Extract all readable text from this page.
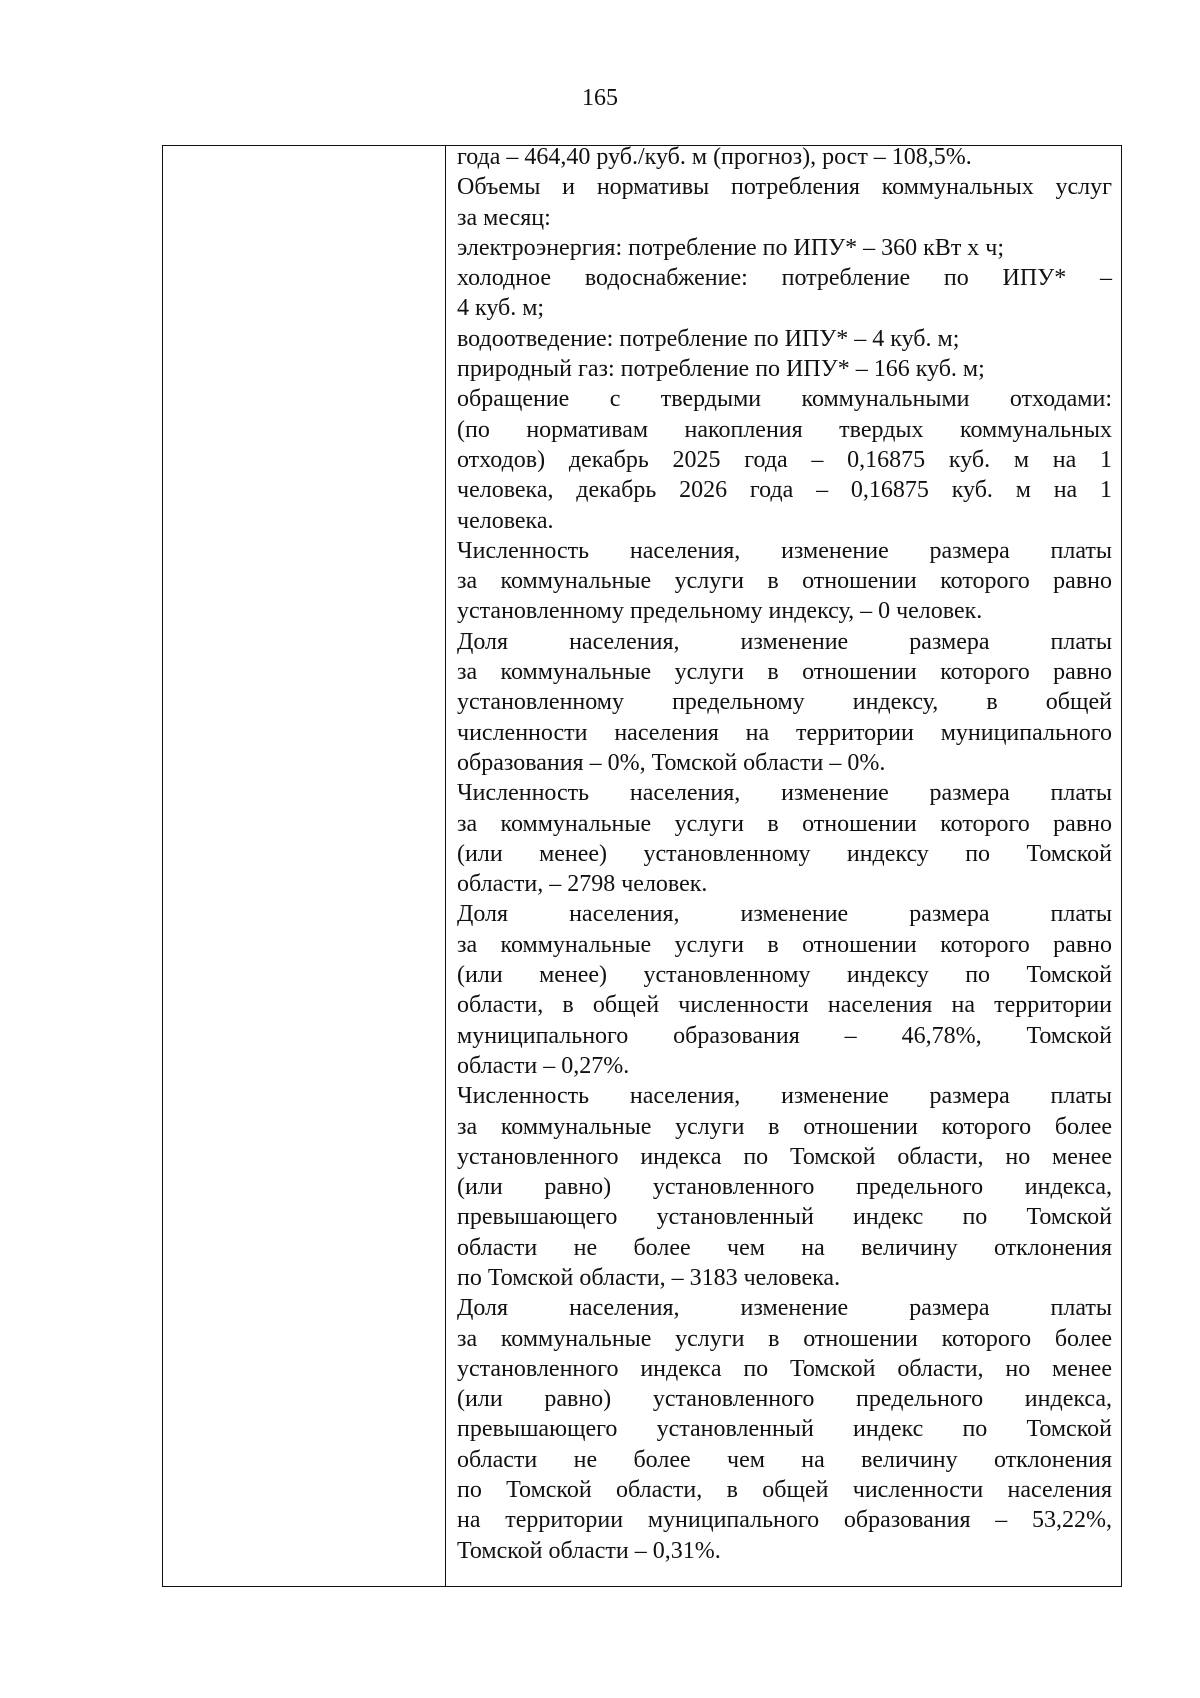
165
года – 464,40 руб./куб. м (прогноз), рост – 108,5%.
Объемы и нормативы потребления коммунальных услуг
за месяц:
электроэнергия: потребление по ИПУ* – 360 кВт х ч;
холодное водоснабжение: потребление по ИПУ* –
4 куб. м;
водоотведение: потребление по ИПУ* – 4 куб. м;
природный газ: потребление по ИПУ* – 166 куб. м;
обращение с твердыми коммунальными отходами:
(по нормативам накопления твердых коммунальных
отходов) декабрь 2025 года – 0,16875 куб. м на 1
человека, декабрь 2026 года – 0,16875 куб. м на 1
человека.
Численность населения, изменение размера платы
за коммунальные услуги в отношении которого равно
установленному предельному индексу, – 0 человек.
Доля населения, изменение размера платы
за коммунальные услуги в отношении которого равно
установленному предельному индексу, в общей
численности населения на территории муниципального
образования – 0%, Томской области – 0%.
Численность населения, изменение размера платы
за коммунальные услуги в отношении которого равно
(или менее) установленному индексу по Томской
области, – 2798 человек.
Доля населения, изменение размера платы
за коммунальные услуги в отношении которого равно
(или менее) установленному индексу по Томской
области, в общей численности населения на территории
муниципального образования – 46,78%, Томской
области – 0,27%.
Численность населения, изменение размера платы
за коммунальные услуги в отношении которого более
установленного индекса по Томской области, но менее
(или равно) установленного предельного индекса,
превышающего установленный индекс по Томской
области не более чем на величину отклонения
по Томской области, – 3183 человека.
Доля населения, изменение размера платы
за коммунальные услуги в отношении которого более
установленного индекса по Томской области, но менее
(или равно) установленного предельного индекса,
превышающего установленный индекс по Томской
области не более чем на величину отклонения
по Томской области, в общей численности населения
на территории муниципального образования – 53,22%,
Томской области – 0,31%.
